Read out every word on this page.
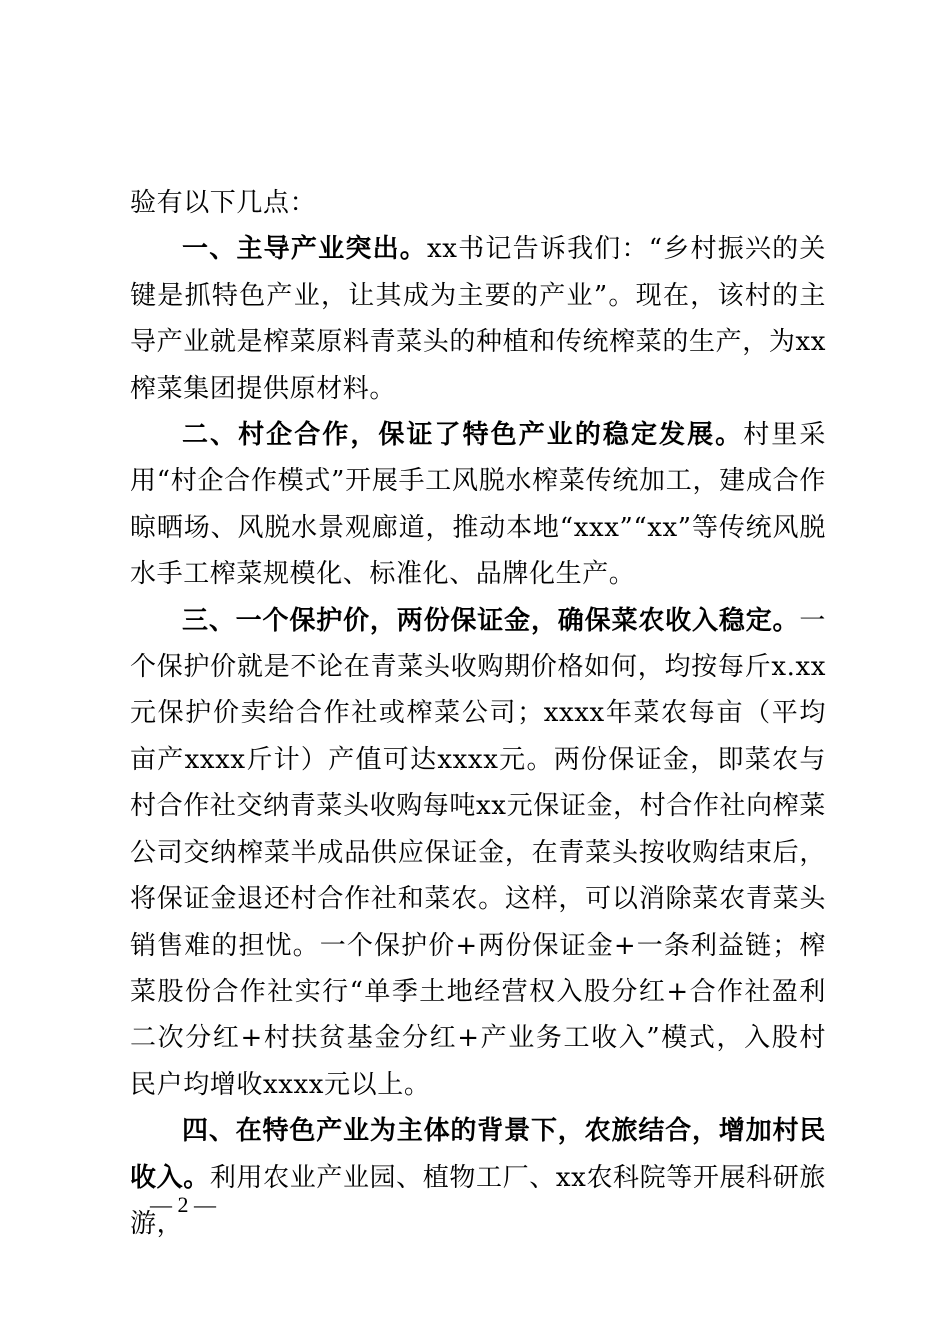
验有以下几点：

一、主导产业突出。xx书记告诉我们：“乡村振兴的关键是抓特色产业，让其成为主要的产业”。现在，该村的主导产业就是榨菜原料青菜头的种植和传统榨菜的生产，为xx榨菜集团提供原材料。

二、村企合作，保证了特色产业的稳定发展。村里采用“村企合作模式”开展手工风脱水榨菜传统加工，建成合作晾晒场、风脱水景观廊道，推动本地“xxx”“xx”等传统风脱水手工榨菜规模化、标准化、品牌化生产。

三、一个保护价，两份保证金，确保菜农收入稳定。一个保护价就是不论在青菜头收购期价格如何，均按每斤x.xx元保护价卖给合作社或榨菜公司；xxxx年菜农每亩（平均亩产xxxx斤计）产值可达xxxx元。两份保证金，即菜农与村合作社交纳青菜头收购每吨xx元保证金，村合作社向榨菜公司交纳榨菜半成品供应保证金，在青菜头按收购结束后，将保证金退还村合作社和菜农。这样，可以消除菜农青菜头销售难的担忧。一个保护价+两份保证金+一条利益链；榨菜股份合作社实行“单季土地经营权入股分红+合作社盈利二次分红+村扶贫基金分红+产业务工收入”模式，入股村民户均增收xxxx元以上。

四、在特色产业为主体的背景下，农旅结合，增加村民收入。利用农业产业园、植物工厂、xx农科院等开展科研旅游，

— 2 —
